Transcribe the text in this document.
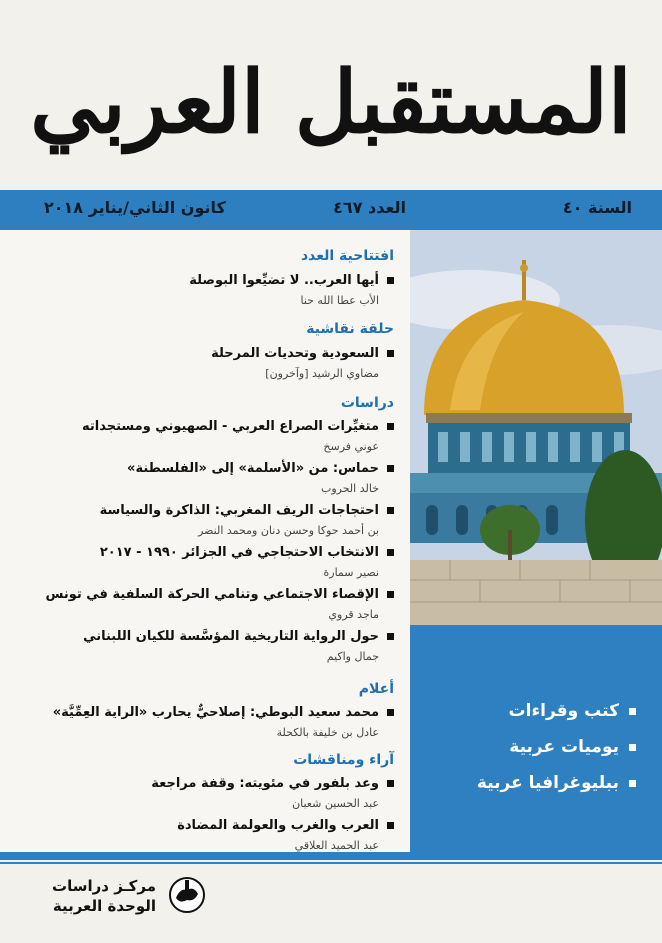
المستقبل العربي
السنة ٤٠
العدد ٤٦٧
كانون الثاني/يناير ٢٠١٨
افتتاحية العدد
أيها العرب.. لا تضيِّعوا البوصلة
الأب عطا الله حنا
حلقة نقاشية
السعودية وتحديات المرحلة
مضاوي الرشيد [وآخرون]
دراسات
متغيِّرات الصراع العربي - الصهيوني ومستجداته
عوني فرسخ
حماس: من «الأسلمة» إلى «الفلسطنة»
خالد الحروب
احتجاجات الريف المغربي: الذاكرة والسياسة
بن أحمد حوكا وحسن دنان ومحمد النضر
الانتخاب الاحتجاجي في الجزائر ١٩٩٠ - ٢٠١٧
نصير سمارة
الإقصاء الاجتماعي وتنامي الحركة السلفية في تونس
ماجد قروي
حول الرواية التاريخية المؤسَّسة للكيان اللبناني
جمال واكيم
أعلام
محمد سعيد البوطي: إصلاحيٌّ يحارب «الراية العِمِّيَّة»
عادل بن خليفة بالكحلة
آراء ومناقشات
وعد بلفور في مئويته: وقفة مراجعة
عبد الحسين شعبان
العرب والغرب والعولمة المضادة
عبد الحميد العلاقي
كتب وقراءات
يوميات عربية
ببليوغرافيا عربية
مركـز دراسات
الوحدة العربية
